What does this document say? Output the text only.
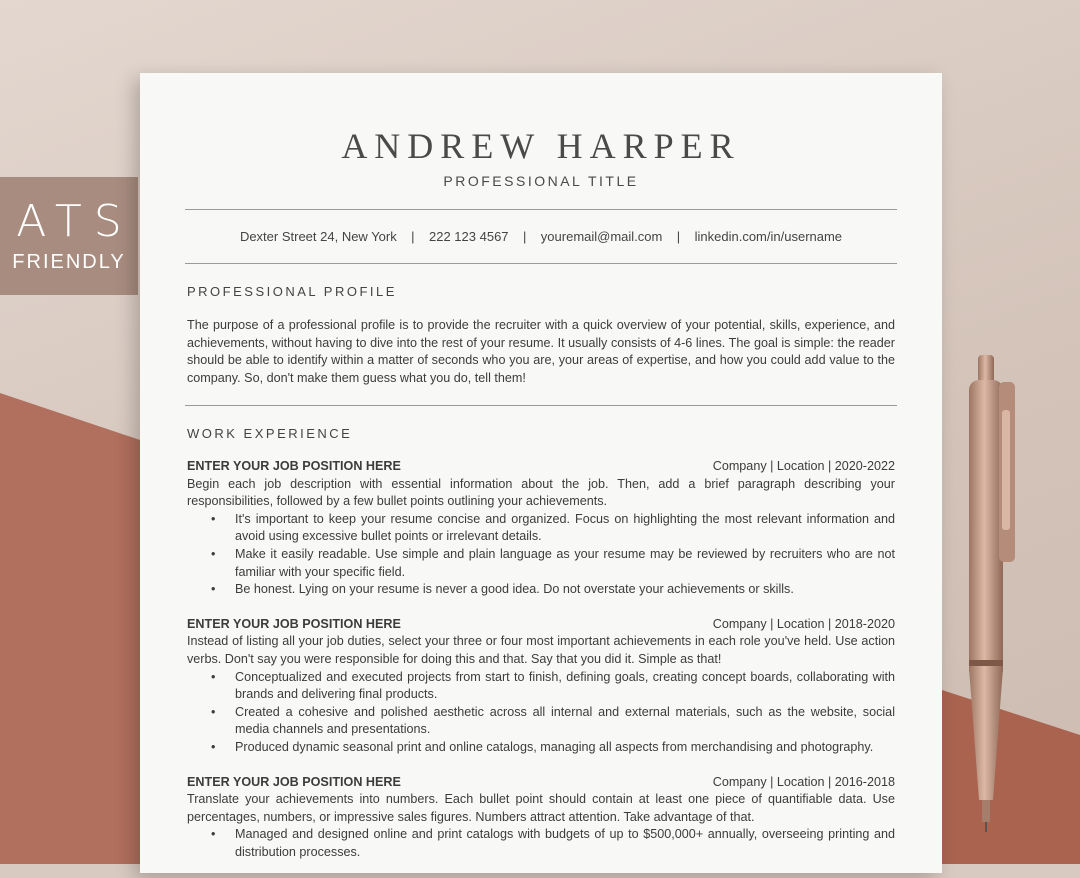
ATS
FRIENDLY
ANDREW HARPER
PROFESSIONAL TITLE
Dexter Street 24, New York    |    222 123 4567    |    youremail@mail.com    |    linkedin.com/in/username
PROFESSIONAL PROFILE
The purpose of a professional profile is to provide the recruiter with a quick overview of your potential, skills, experience, and achievements, without having to dive into the rest of your resume. It usually consists of 4-6 lines. The goal is simple: the reader should be able to identify within a matter of seconds who you are, your areas of expertise, and how you could add value to the company. So, don't make them guess what you do, tell them!
WORK EXPERIENCE
ENTER YOUR JOB POSITION HERE	Company | Location | 2020-2022
Begin each job description with essential information about the job. Then, add a brief paragraph describing your responsibilities, followed by a few bullet points outlining your achievements.
• It's important to keep your resume concise and organized. Focus on highlighting the most relevant information and avoid using excessive bullet points or irrelevant details.
• Make it easily readable. Use simple and plain language as your resume may be reviewed by recruiters who are not familiar with your specific field.
• Be honest. Lying on your resume is never a good idea. Do not overstate your achievements or skills.
ENTER YOUR JOB POSITION HERE	Company | Location | 2018-2020
Instead of listing all your job duties, select your three or four most important achievements in each role you've held. Use action verbs. Don't say you were responsible for doing this and that. Say that you did it. Simple as that!
• Conceptualized and executed projects from start to finish, defining goals, creating concept boards, collaborating with brands and delivering final products.
• Created a cohesive and polished aesthetic across all internal and external materials, such as the website, social media channels and presentations.
• Produced dynamic seasonal print and online catalogs, managing all aspects from merchandising and photography.
ENTER YOUR JOB POSITION HERE	Company | Location | 2016-2018
Translate your achievements into numbers. Each bullet point should contain at least one piece of quantifiable data. Use percentages, numbers, or impressive sales figures. Numbers attract attention. Take advantage of that.
• Managed and designed online and print catalogs with budgets of up to $500,000+ annually, overseeing printing and distribution processes.
